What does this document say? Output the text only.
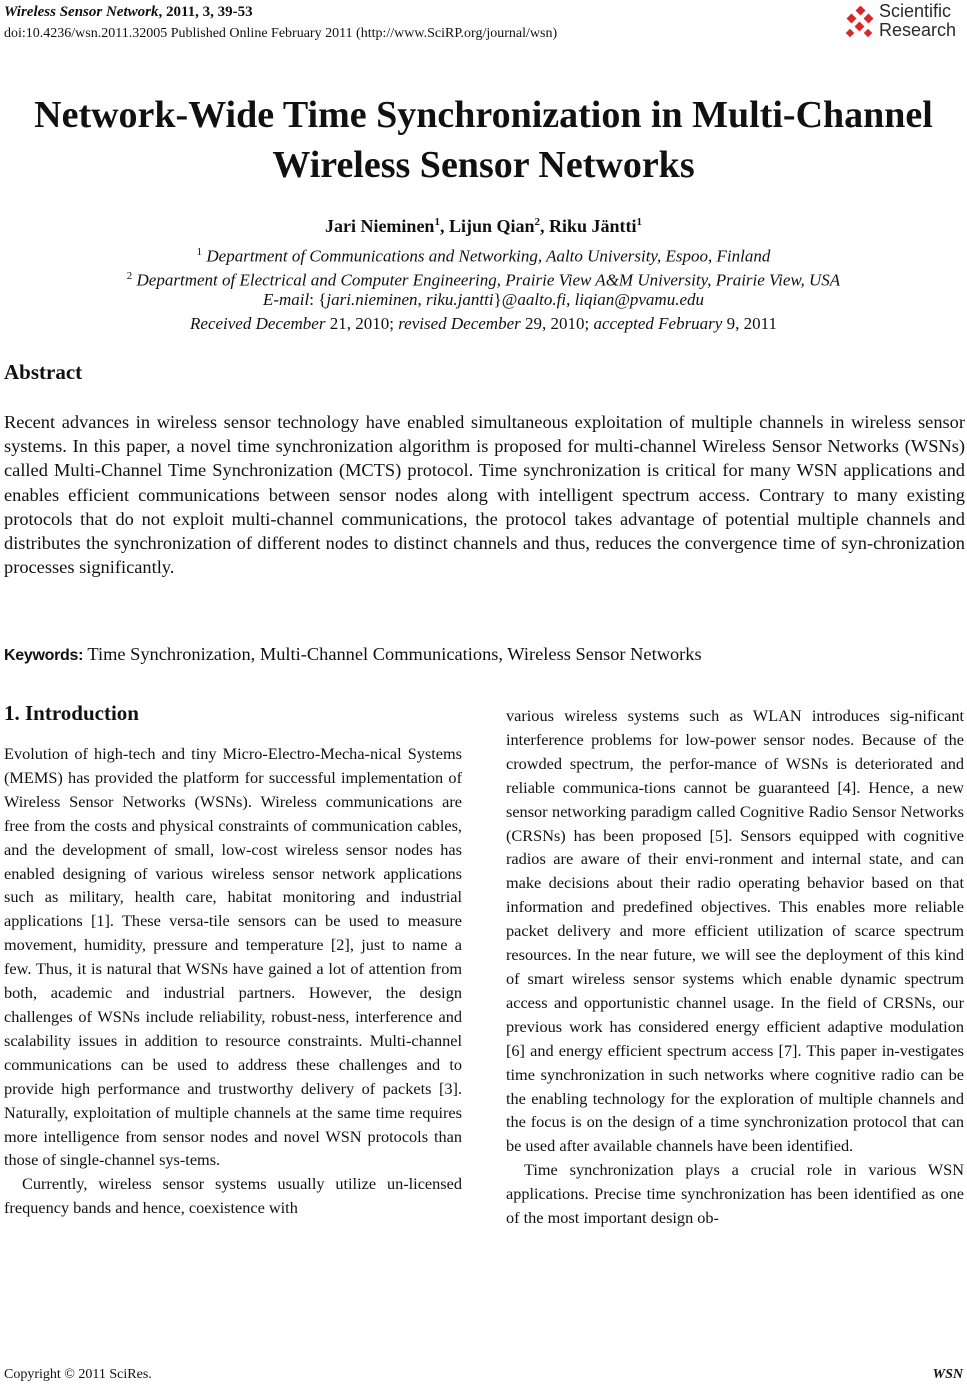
Wireless Sensor Network, 2011, 3, 39-53
doi:10.4236/wsn.2011.32005 Published Online February 2011 (http://www.SciRP.org/journal/wsn)
Scientific
Research
Network-Wide Time Synchronization in Multi-Channel
Wireless Sensor Networks
Jari Nieminen$^1$, Lijun Qian$^2$, Riku Jäntti$^1$
$^1$ Department of Communications and Networking, Aalto University, Espoo, Finland
$^2$ Department of Electrical and Computer Engineering, Prairie View A&M University, Prairie View, USA
E-mail: {jari.nieminen, riku.jantti}@aalto.fi, liqian@pvamu.edu
Received December 21, 2010; revised December 29, 2010; accepted February 9, 2011
Abstract

Recent advances in wireless sensor technology have enabled simultaneous exploitation of multiple channels in wireless sensor systems. In this paper, a novel time synchronization algorithm is proposed for multi-channel Wireless Sensor Networks (WSNs) called Multi-Channel Time Synchronization (MCTS) protocol. Time synchronization is critical for many WSN applications and enables efficient communications between sensor nodes along with intelligent spectrum access. Contrary to many existing protocols that do not exploit multi-channel communications, the protocol takes advantage of potential multiple channels and distributes the synchronization of different nodes to distinct channels and thus, reduces the convergence time of syn-chronization processes significantly.

Keywords: Time Synchronization, Multi-Channel Communications, Wireless Sensor Networks
1. Introduction

Evolution of high-tech and tiny Micro-Electro-Mecha-nical Systems (MEMS) has provided the platform for successful implementation of Wireless Sensor Networks (WSNs). Wireless communications are free from the costs and physical constraints of communication cables, and the development of small, low-cost wireless sensor nodes has enabled designing of various wireless sensor network applications such as military, health care, habitat monitoring and industrial applications [1]. These versa-tile sensors can be used to measure movement, humidity, pressure and temperature [2], just to name a few. Thus, it is natural that WSNs have gained a lot of attention from both, academic and industrial partners. However, the design challenges of WSNs include reliability, robust-ness, interference and scalability issues in addition to resource constraints. Multi-channel communications can be used to address these challenges and to provide high performance and trustworthy delivery of packets [3]. Naturally, exploitation of multiple channels at the same time requires more intelligence from sensor nodes and novel WSN protocols than those of single-channel sys-tems.

Currently, wireless sensor systems usually utilize un-licensed frequency bands and hence, coexistence with

various wireless systems such as WLAN introduces sig-nificant interference problems for low-power sensor nodes. Because of the crowded spectrum, the perfor-mance of WSNs is deteriorated and reliable communica-tions cannot be guaranteed [4]. Hence, a new sensor networking paradigm called Cognitive Radio Sensor Networks (CRSNs) has been proposed [5]. Sensors equipped with cognitive radios are aware of their envi-ronment and internal state, and can make decisions about their radio operating behavior based on that information and predefined objectives. This enables more reliable packet delivery and more efficient utilization of scarce spectrum resources. In the near future, we will see the deployment of this kind of smart wireless sensor systems which enable dynamic spectrum access and opportunistic channel usage. In the field of CRSNs, our previous work has considered energy efficient adaptive modulation [6] and energy efficient spectrum access [7]. This paper in-vestigates time synchronization in such networks where cognitive radio can be the enabling technology for the exploration of multiple channels and the focus is on the design of a time synchronization protocol that can be used after available channels have been identified.

Time synchronization plays a crucial role in various WSN applications. Precise time synchronization has been identified as one of the most important design ob-

Copyright © 2011 SciRes.	WSN
